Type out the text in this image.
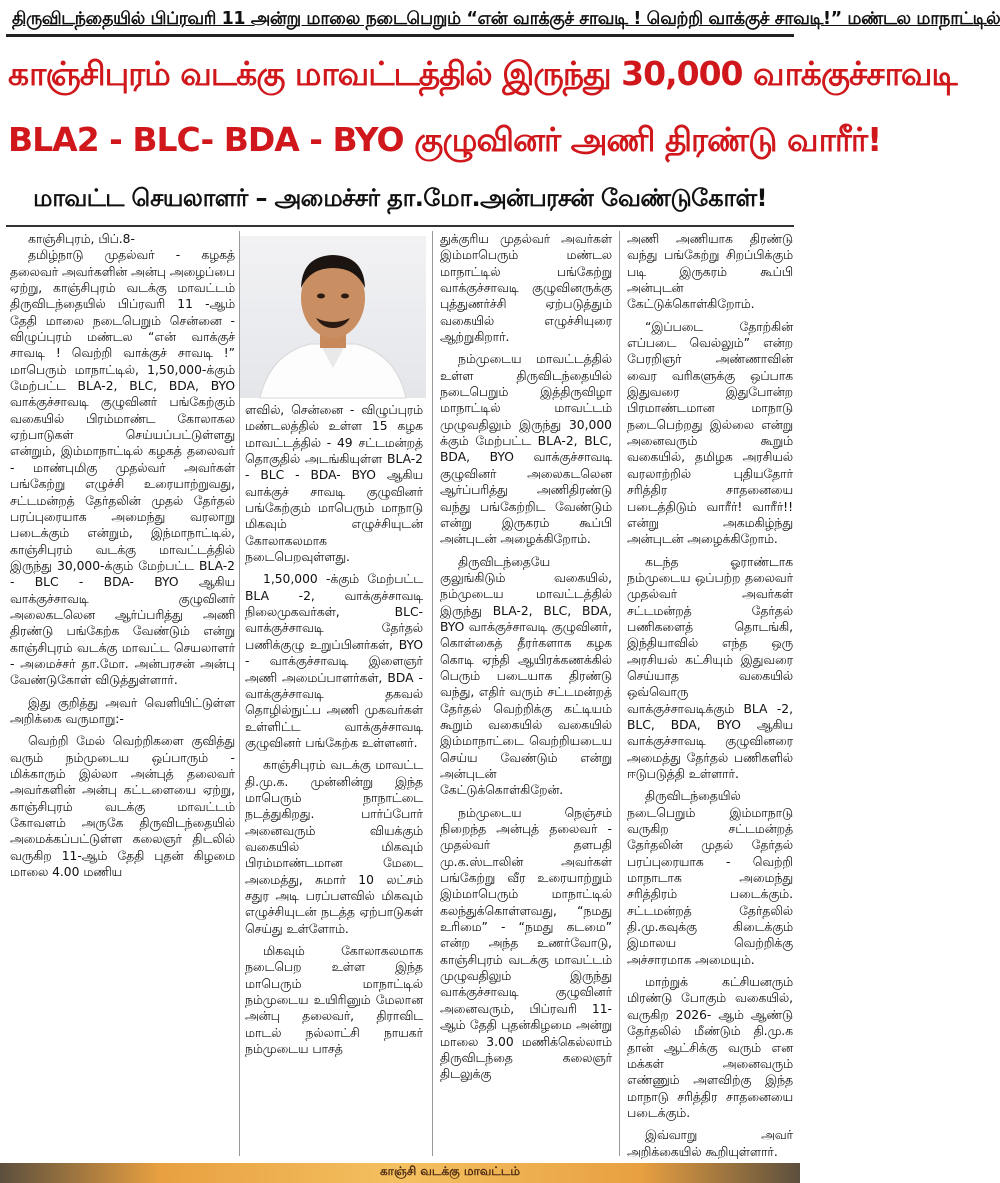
திருவிடந்தையில் பிப்ரவரி 11 அன்று மாலை நடைபெறும் “என் வாக்குச் சாவடி ! வெற்றி வாக்குச் சாவடி!” மண்டல மாநாட்டில்
காஞ்சிபுரம் வடக்கு மாவட்டத்தில் இருந்து 30,000 வாக்குச்சாவடி
BLA2 - BLC- BDA - BYO குழுவினர் அணி திரண்டு வாரீர்!
மாவட்ட செயலாளர் – அமைச்சர் தா.மோ.அன்பரசன் வேண்டுகோள்!

காஞ்சிபுரம், பிப்.8-

தமிழ்நாடு முதல்வர் - கழகத் தலைவர் அவர்களின் அன்பு அழைப்பை ஏற்று, காஞ்சிபுரம் வடக்கு மாவட்டம் திருவிடந்தையில் பிப்ரவரி 11 -ஆம் தேதி மாலை நடைபெறும் சென்னை - விழுப்புரம் மண்டல “என் வாக்குச் சாவடி ! வெற்றி வாக்குச் சாவடி !” மாபெரும் மாநாட்டில், 1,50,000-க்கும் மேற்பட்ட BLA-2, BLC, BDA, BYO வாக்குச்சாவடி குழுவினர் பங்கேற்கும் வகையில் பிரம்மாண்ட கோலாகல ஏற்பாடுகள் செய்யப்பட்டுள்ளது என்றும், இம்மாநாட்டில் கழகத் தலைவர் - மாண்புமிகு முதல்வர் அவர்கள் பங்கேற்று எழுச்சி உரையாற்றுவது, சட்டமன்றத் தேர்தலின் முதல் தேர்தல் பரப்புரையாக அமைந்து வரலாறு படைக்கும் என்றும், இந்மாநாட்டில், காஞ்சிபுரம் வடக்கு மாவட்டத்தில் இருந்து 30,000-க்கும் மேற்பட்ட BLA-2 - BLC - BDA- BYO ஆகிய வாக்குச்சாவடி குழுவினர் அலைகடலென ஆர்ப்பரித்து அணி திரண்டு பங்கேற்க வேண்டும் என்று காஞ்சிபுரம் வடக்கு மாவட்ட செயலாளர் - அமைச்சர் தா.மோ. அன்பரசன் அன்பு வேண்டுகோள் விடுத்துள்ளார்.

இது குறித்து அவர் வெளியிட்டுள்ள அறிக்கை வருமாறு:-

வெற்றி மேல் வெற்றிகளை குவித்து வரும் நம்முடைய ஒப்பாரும் - மிக்காரும் இல்லா அன்புத் தலைவர் அவர்களின் அன்பு கட்டளையை ஏற்று, காஞ்சிபுரம் வடக்கு மாவட்டம் கோவளம் அருகே திருவிடந்தையில் அமைக்கப்பட்டுள்ள கலைஞர் திடலில் வருகிற 11-ஆம் தேதி புதன் கிழமை மாலை 4.00 மணிய

ளவில், சென்னை - விழுப்புரம் மண்டலத்தில் உள்ள 15 கழக மாவட்டத்தில் - 49 சட்டமன்றத் தொகுதில் அடங்கியுள்ள BLA-2 - BLC - BDA- BYO ஆகிய வாக்குச் சாவடி குழுவினர் பங்கேற்கும் மாபெரும் மாநாடு மிகவும் எழுச்சியுடன் கோலாகலமாக நடைபெறவுள்ளது.

1,50,000 -க்கும் மேற்பட்ட BLA -2, வாக்குச்சாவடி நிலைமுகவர்கள், BLC- வாக்குச்சாவடி தேர்தல் பணிக்குழு உறுப்பினர்கள், BYO - வாக்குச்சாவடி இளைஞர் அணி அமைப்பாளர்கள், BDA - வாக்குச்சாவடி தகவல் தொழில்நுட்ப அணி முகவர்கள் உள்ளிட்ட வாக்குச்சாவடி குழுவினர் பங்கேற்க உள்ளனர்.

காஞ்சிபுரம் வடக்கு மாவட்ட தி.மு.க. முன்னின்று இந்த மாபெரும் நாநாட்டை நடத்துகிறது. பார்ப்போர் அனைவரும் வியக்கும் வகையில் மிகவும் பிரம்மாண்டமான மேடை அமைத்து, சுமார் 10 லட்சம் சதுர அடி பரப்பளவில் மிகவும் எழுச்சியுடன் நடத்த ஏற்பாடுகள் செய்து உள்ளோம்.

மிகவும் கோலாகலமாக நடைபெற உள்ள இந்த மாபெரும் மாநாட்டில் நம்முடைய உயிரினும் மேலான அன்பு தலைவர், திராவிட மாடல் நல்லாட்சி நாயகர் நம்முடைய பாசத்

துக்குரிய முதல்வர் அவர்கள் இம்மாபெரும் மண்டல மாநாட்டில் பங்கேற்று வாக்குச்சாவடி குழுவினருக்கு புத்துணர்ச்சி ஏற்படுத்தும் வகையில் எழுச்சியுரை ஆற்றுகிறார்.

நம்முடைய மாவட்டத்தில் உள்ள திருவிடந்தையில் நடைபெறும் இத்திருவிழா மாநாட்டில் மாவட்டம் முழுவதிலும் இருந்து 30,000 க்கும் மேற்பட்ட BLA-2, BLC, BDA, BYO வாக்குச்சாவடி குழுவினர் அலைகடலென ஆர்ப்பரித்து அணிதிரண்டு வந்து பங்கேற்றிட வேண்டும் என்று இருகரம் கூப்பி அன்புடன் அழைக்கிறோம்.

திருவிடந்தையே குலுங்கிடும் வகையில், நம்முடைய மாவட்டத்தில் இருந்து BLA-2, BLC, BDA, BYO வாக்குச்சாவடி குழுவினர், கொள்கைத் தீரர்களாக கழக கொடி ஏந்தி ஆயிரக்கணக்கில் பெரும் படையாக திரண்டு வந்து, எதிர் வரும் சட்டமன்றத் தேர்தல் வெற்றிக்கு கட்டியம் கூறும் வகையில் வகையில் இம்மாநாட்டை வெற்றியடைய செய்ய வேண்டும் என்று அன்புடன் கேட்டுக்கொள்கிறேன்.

நம்முடைய நெஞ்சம் நிறைந்த அன்புத் தலைவர் - முதல்வர் தளபதி மு.க.ஸ்டாலின் அவர்கள் பங்கேற்று வீர உரையாற்றும் இம்மாபெரும் மாநாட்டில் கலந்துக்கொள்ளவது, “நமது உரிமை” - “நமது கடமை” என்ற அந்த உணர்வோடு, காஞ்சிபுரம் வடக்கு மாவட்டம் முழுவதிலும் இருந்து வாக்குச்சாவடி குழுவினர் அனைவரும், பிப்ரவரி 11-ஆம் தேதி புதன்கிழமை அன்று மாலை 3.00 மணிக்கெல்லாம் திருவிடந்தை கலைஞர் திடலுக்கு

அணி அணியாக திரண்டு வந்து பங்கேற்று சிறப்பிக்கும் படி இருகரம் கூப்பி அன்புடன் கேட்டுக்கொள்கிறோம்.

“இப்படை தோற்கின் எப்படை வெல்லும்” என்ற பேரறிஞர் அண்ணாவின் வைர வரிகளுக்கு ஒப்பாக இதுவரை இதுபோன்ற பிரமாண்டமான மாநாடு நடைபெற்றது இல்லை என்று அனைவரும் கூறும் வகையில், தமிழக அரசியல் வரலாற்றில் புதியதோர் சரித்திர சாதனையை படைத்திடும் வாரீர்! வாரீர்!! என்று அகமகிழ்ந்து அன்புடன் அழைக்கிறோம்.

கடந்த ஓராண்டாக நம்முடைய ஒப்பற்ற தலைவர் முதல்வர் அவர்கள் சட்டமன்றத் தேர்தல் பணிகளைத் தொடங்கி, இந்தியாவில் எந்த ஒரு அரசியல் கட்சியும் இதுவரை செய்யாத வகையில் ஒவ்வொரு வாக்குச்சாவடிக்கும் BLA -2, BLC, BDA, BYO ஆகிய வாக்குச்சாவடி குழுவினரை அமைத்து தேர்தல் பணிகளில் ஈடுபடுத்தி உள்ளார்.

திருவிடந்தையில் நடைபெறும் இம்மாநாடு வருகிற சட்டமன்றத் தேர்தலின் முதல் தேர்தல் பரப்புரையாக - வெற்றி மாநாடாக அமைந்து சரித்திரம் படைக்கும். சட்டமன்றத் தேர்தலில் தி.மு.கவுக்கு கிடைக்கும் இமாலய வெற்றிக்கு அச்சாரமாக அமையும்.

மாற்றுக் கட்சியனரும் மிரண்டு போகும் வகையில், வருகிற 2026- ஆம் ஆண்டு தேர்தலில் மீண்டும் தி.மு.க தான் ஆட்சிக்கு வரும் என மக்கள் அனைவரும் எண்ணும் அளவிற்கு இந்த மாநாடு சரித்திர சாதனையை படைக்கும்.

இவ்வாறு அவர் அறிக்கையில் கூறியுள்ளார்.

காஞ்சி வடக்கு மாவட்டம்
